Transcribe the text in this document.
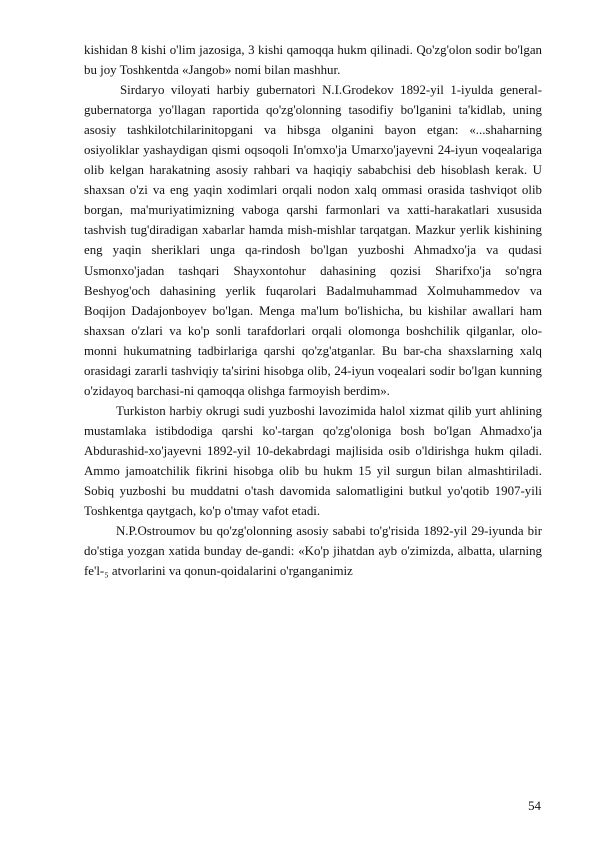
kishidan 8 kishi o'lim jazosiga, 3 kishi qamoqqa hukm qilinadi. Qo'zg'olon sodir bo'lgan bu joy Toshkentda «Jangob» nomi bilan mashhur.

Sirdaryo viloyati harbiy gubernatori N.I.Grodekov 1892-yil 1-iyulda general-gubernatorga yo'llagan raportida qo'zg'olonning tasodifiy bo'lganini ta'kidlab, uning asosiy tashkilotchilarinitopgani va hibsga olganini bayon etgan: «...shaharning osiyoliklar yashaydigan qismi oqsoqoli In'omxo'ja Umarxo'jayevni 24-iyun voqealariga olib kelgan harakatning asosiy rahbari va haqiqiy sababchisi deb hisoblash kerak. U shaxsan o'zi va eng yaqin xodimlari orqali nodon xalq ommasi orasida tashviqot olib borgan, ma'muriyatimizning vaboga qarshi farmonlari va xatti-harakatlari xususida tashvish tug'diradigan xabarlar hamda mish-mishlar tarqatgan. Mazkur yerlik kishining eng yaqin sheriklari unga qa-rindosh bo'lgan yuzboshi Ahmadxo'ja va qudasi Usmonxo'jadan tashqari Shayxontohur dahasining qozisi Sharifxo'ja so'ngra Beshyog'och dahasining yerlik fuqarolari Badalmuhammad Xolmuhammedov va Boqijon Dadajonboyev bo'lgan. Menga ma'lum bo'lishicha, bu kishilar awallari ham shaxsan o'zlari va ko'p sonli tarafdorlari orqali olomonga boshchilik qilganlar, olo-monni hukumatning tadbirlariga qarshi qo'zg'atganlar. Bu bar-cha shaxslarning xalq orasidagi zararli tashviqiy ta'sirini hisobga olib, 24-iyun voqealari sodir bo'lgan kunning o'zidayoq barchasi-ni qamoqqa olishga farmoyish berdim».

Turkiston harbiy okrugi sudi yuzboshi lavozimida halol xizmat qilib yurt ahlining mustamlaka istibdodiga qarshi ko'-targan qo'zg'oloniga bosh bo'lgan Ahmadxo'ja Abdurashid-xo'jayevni 1892-yil 10-dekabrdagi majlisida osib o'ldirishga hukm qiladi. Ammo jamoatchilik fikrini hisobga olib bu hukm 15 yil surgun bilan almashtiriladi. Sobiq yuzboshi bu muddatni o'tash davomida salomatligini butkul yo'qotib 1907-yili Toshkentga qaytgach, ko'p o'tmay vafot etadi.

N.P.Ostroumov bu qo'zg'olonning asosiy sababi to'g'risida 1892-yil 29-iyunda bir do'stiga yozgan xatida bunday de-gandi: «Ko'p jihatdan ayb o'zimizda, albatta, ularning fe'l-₅ atvorlarini va qonun-qoidalarini o'rganganimiz

54
